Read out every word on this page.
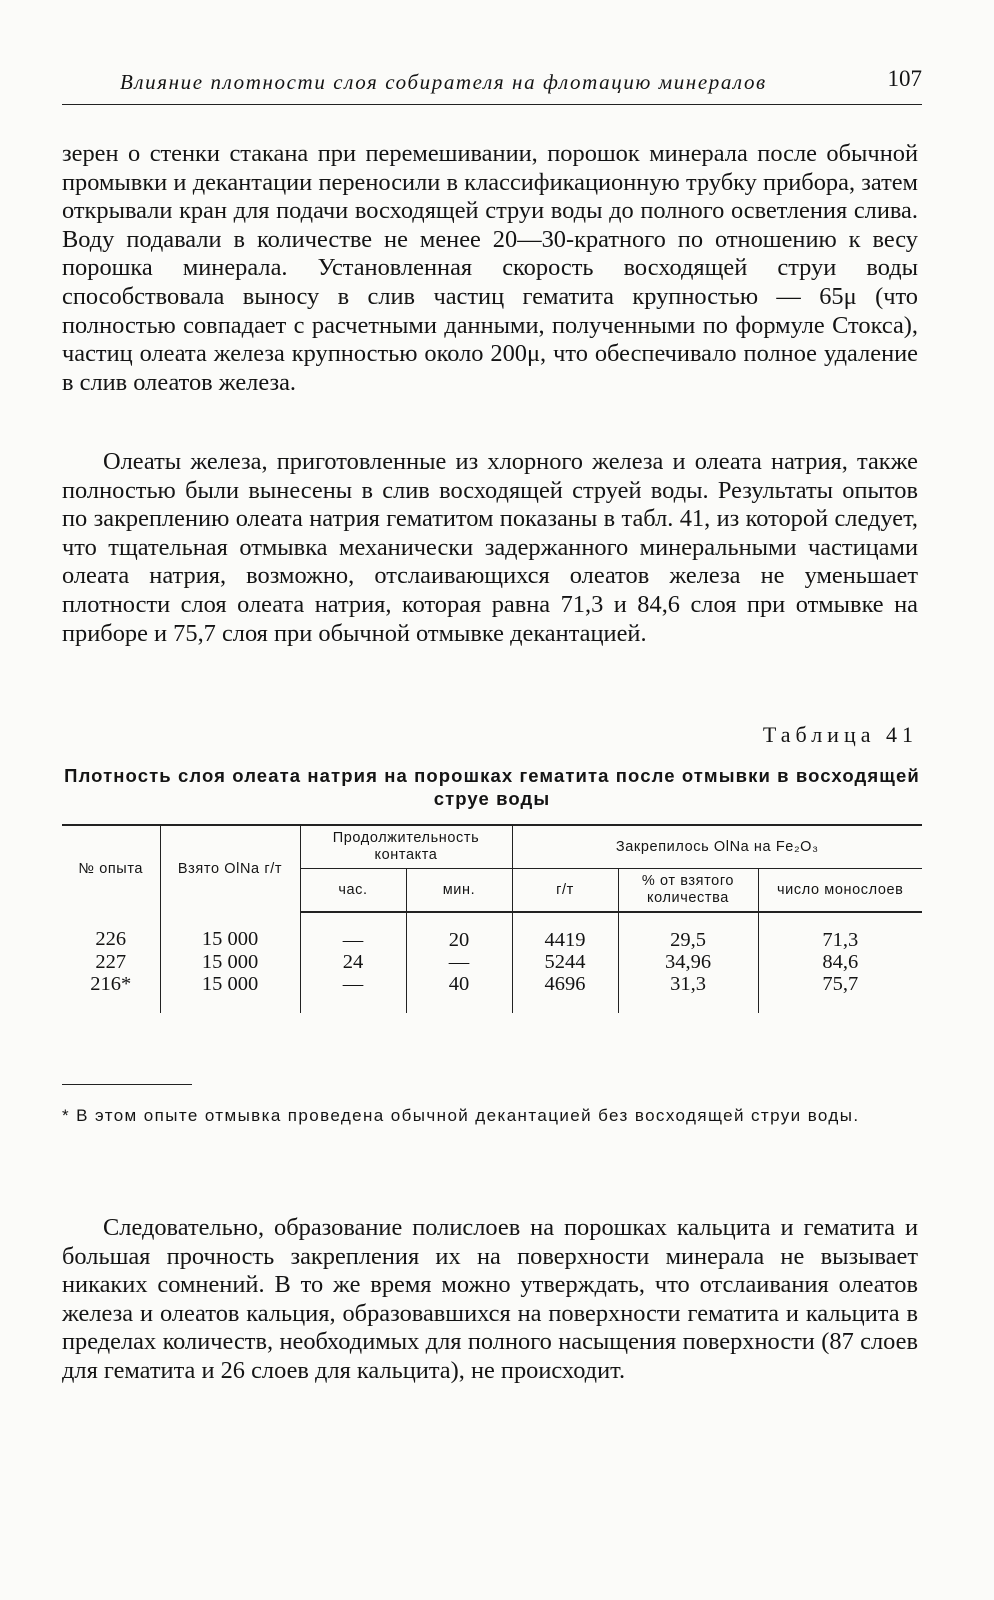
Влияние плотности слоя собирателя на флотацию минералов	107

зерен о стенки стакана при перемешивании, порошок минерала после обычной промывки и декантации переносили в классификационную трубку прибора, затем открывали кран для подачи восходящей струи воды до полного осветления слива. Воду подавали в количестве не менее 20—30-кратного по отношению к весу порошка минерала. Установленная скорость восходящей струи воды способствовала выносу в слив частиц гематита крупностью — 65μ (что полностью совпадает с расчетными данными, полученными по формуле Стокса), частиц олеата железа крупностью около 200μ, что обеспечивало полное удаление в слив олеатов железа.

Олеаты железа, приготовленные из хлорного железа и олеата натрия, также полностью были вынесены в слив восходящей струей воды. Результаты опытов по закреплению олеата натрия гематитом показаны в табл. 41, из которой следует, что тщательная отмывка механически задержанного минеральными частицами олеата натрия, возможно, отслаивающихся олеатов железа не уменьшает плотности слоя олеата натрия, которая равна 71,3 и 84,6 слоя при отмывке на приборе и 75,7 слоя при обычной отмывке декантацией.

Таблица 41
Плотность слоя олеата натрия на порошках гематита после отмывки в восходящей струе воды
№ опыта	Взято OlNa г/т	Продолжительность контакта		Закрепилось OlNa на Fe₂O₃		
		час.	мин.	г/т	% от взятого количества	число монослоев
226	15 000	—	20	4419	29,5	71,3
227	15 000	24	—	5244	34,96	84,6
216*	15 000	—	40	4696	31,3	75,7
* В этом опыте отмывка проведена обычной декантацией без восходящей струи воды.

Следовательно, образование полислоев на порошках кальцита и гематита и большая прочность закрепления их на поверхности минерала не вызывает никаких сомнений. В то же время можно утверждать, что отслаивания олеатов железа и олеатов кальция, образовавшихся на поверхности гематита и кальцита в пределах количеств, необходимых для полного насыщения поверхности (87 слоев для гематита и 26 слоев для кальцита), не происходит.
